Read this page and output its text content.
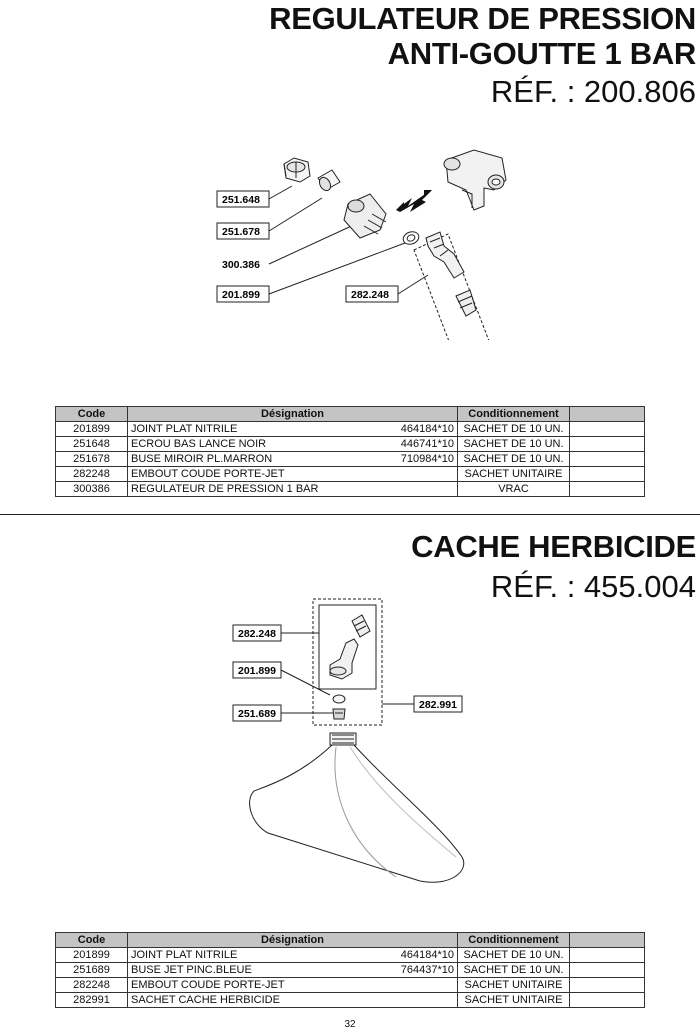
REGULATEUR DE PRESSION
ANTI-GOUTTE 1 BAR
RÉF. : 200.806
251.648
251.678
300.386
201.899	282.248
Code	Désignation	Conditionnement	
201899	JOINT PLAT NITRILE 464184*10	SACHET DE 10 UN.	
251648	ECROU BAS LANCE NOIR 446741*10	SACHET DE 10 UN.	
251678	BUSE MIROIR PL.MARRON 710984*10	SACHET DE 10 UN.	
282248	EMBOUT COUDE PORTE-JET	SACHET UNITAIRE	
300386	REGULATEUR DE PRESSION 1 BAR	VRAC	
CACHE HERBICIDE
RÉF. : 455.004
282.248
201.899
251.689
282.991
Code	Désignation	Conditionnement	
201899	JOINT PLAT NITRILE 464184*10	SACHET DE 10 UN.	
251689	BUSE JET PINC.BLEUE 764437*10	SACHET DE 10 UN.	
282248	EMBOUT COUDE PORTE-JET	SACHET UNITAIRE	
282991	SACHET CACHE HERBICIDE	SACHET UNITAIRE	
32
